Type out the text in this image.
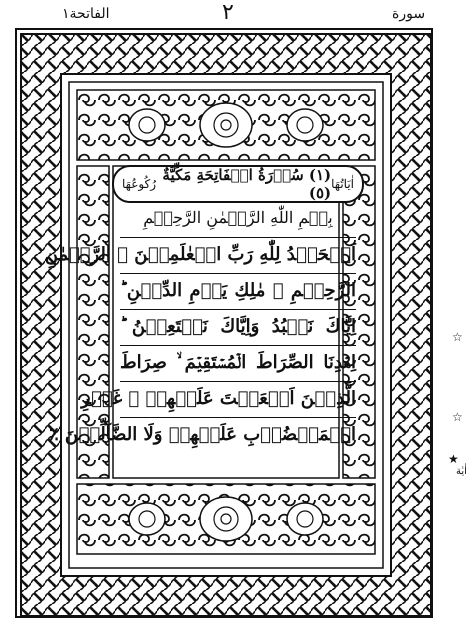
سورة
٢
الفاتحة١
اٰيَاتُهَا
(١) سُوۡرَةُ الۡفَاتِحَةِ مَكِّيَّةٌ (٥)
رُكُوعُهَا
بِسۡمِ اللّٰهِ الرَّحۡمٰنِ الرَّحِيۡمِ
اَلۡحَمۡدُ لِلّٰهِ رَبِّ الۡعٰلَمِيۡنَ ۙ الرَّحۡمٰنِ
الرَّحِيۡمِ ۙ مٰلِكِ يَوۡمِ الدِّيۡنِ ؕ
اِيَّاكَ نَعۡبُدُ وَاِيَّاكَ نَسۡتَعِيۡنُ ؕ
اِهۡدِنَا الصِّرَاطَ الۡمُسۡتَقِيۡمَ ۙ صِرَاطَ
الَّذِيۡنَ اَنۡعَمۡتَ عَلَيۡهِمۡ ۙ غَيۡرِ
الۡمَغۡضُوۡبِ عَلَيۡهِمۡ وَلَا الضَّآلِّيۡنَ ٪
☆
☆
★
اٰيٰة
